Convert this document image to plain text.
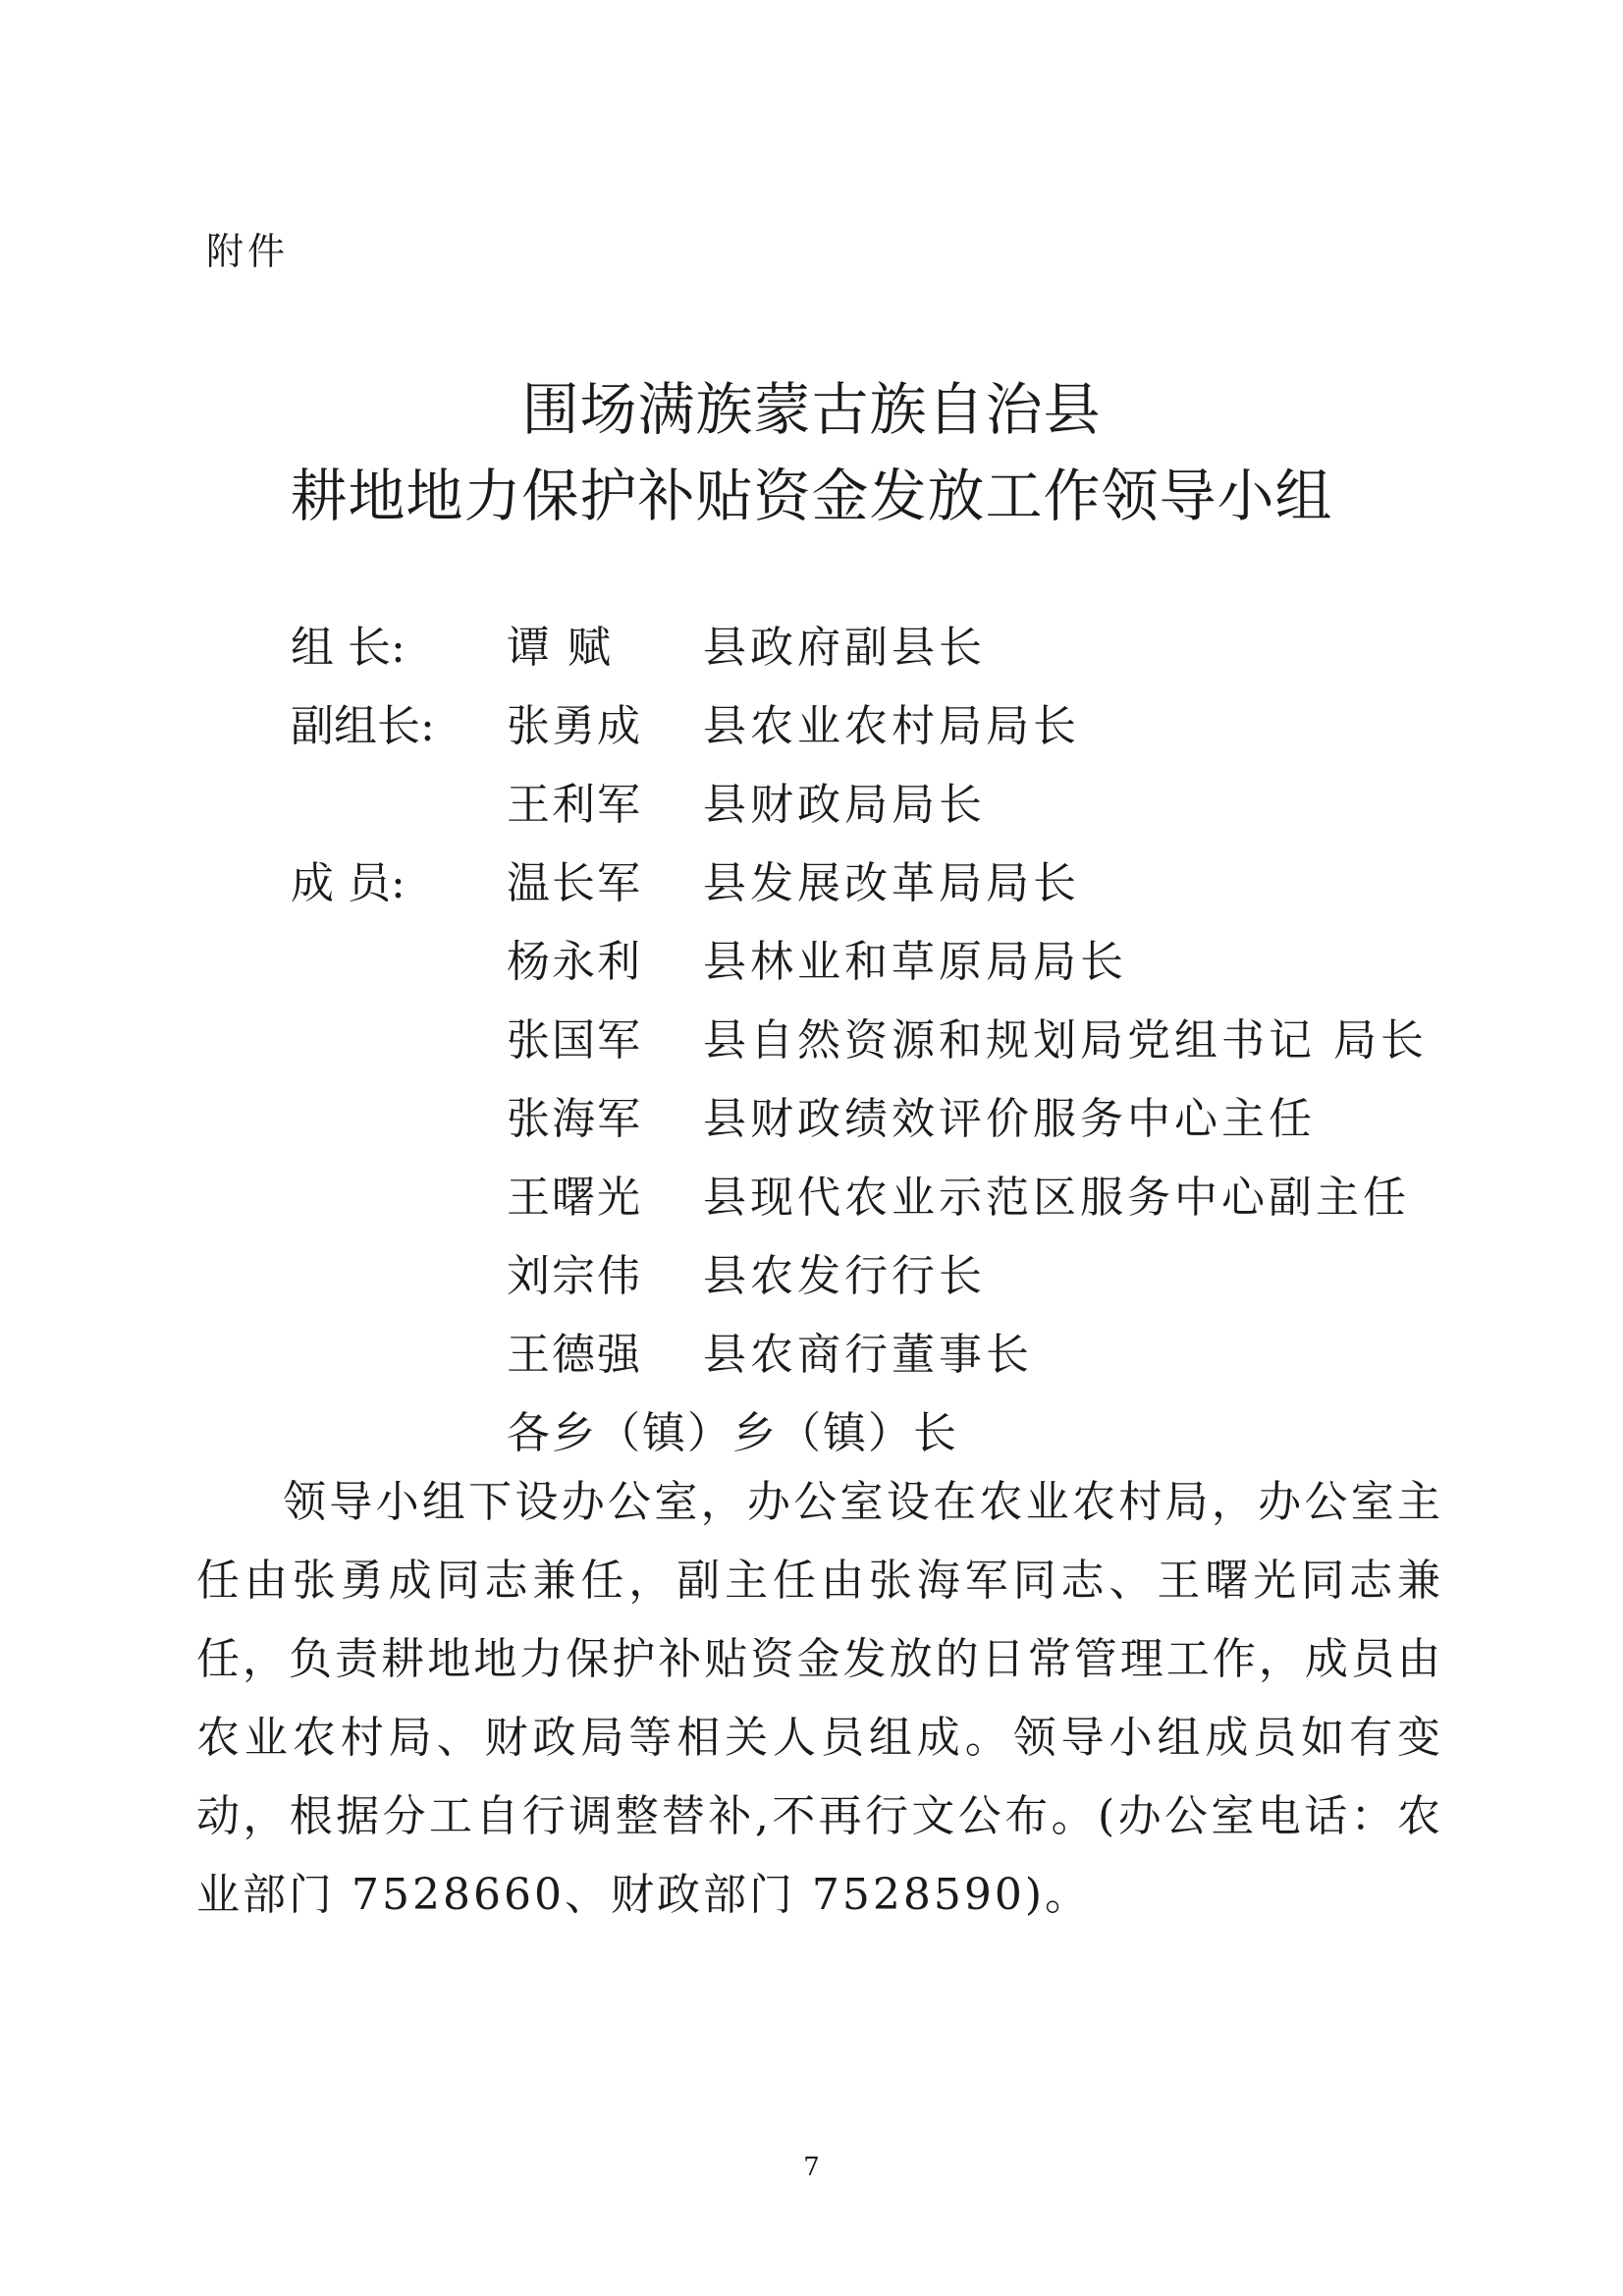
附件
围场满族蒙古族自治县
耕地地力保护补贴资金发放工作领导小组
组 长:	谭 赋 县政府副县长
副组长:	张勇成 县农业农村局局长
王利军 县财政局局长
成 员:	温长军 县发展改革局局长
杨永利 县林业和草原局局长
张国军 县自然资源和规划局党组书记 局长
张海军 县财政绩效评价服务中心主任
王曙光 县现代农业示范区服务中心副主任
刘宗伟 县农发行行长
王德强 县农商行董事长
各乡（镇）乡（镇）长
领导小组下设办公室，办公室设在农业农村局，办公室主任由张勇成同志兼任，副主任由张海军同志、王曙光同志兼任，负责耕地地力保护补贴资金发放的日常管理工作，成员由农业农村局、财政局等相关人员组成。领导小组成员如有变动，根据分工自行调整替补,不再行文公布。(办公室电话：农业部门 7528660、财政部门 7528590)。
7
